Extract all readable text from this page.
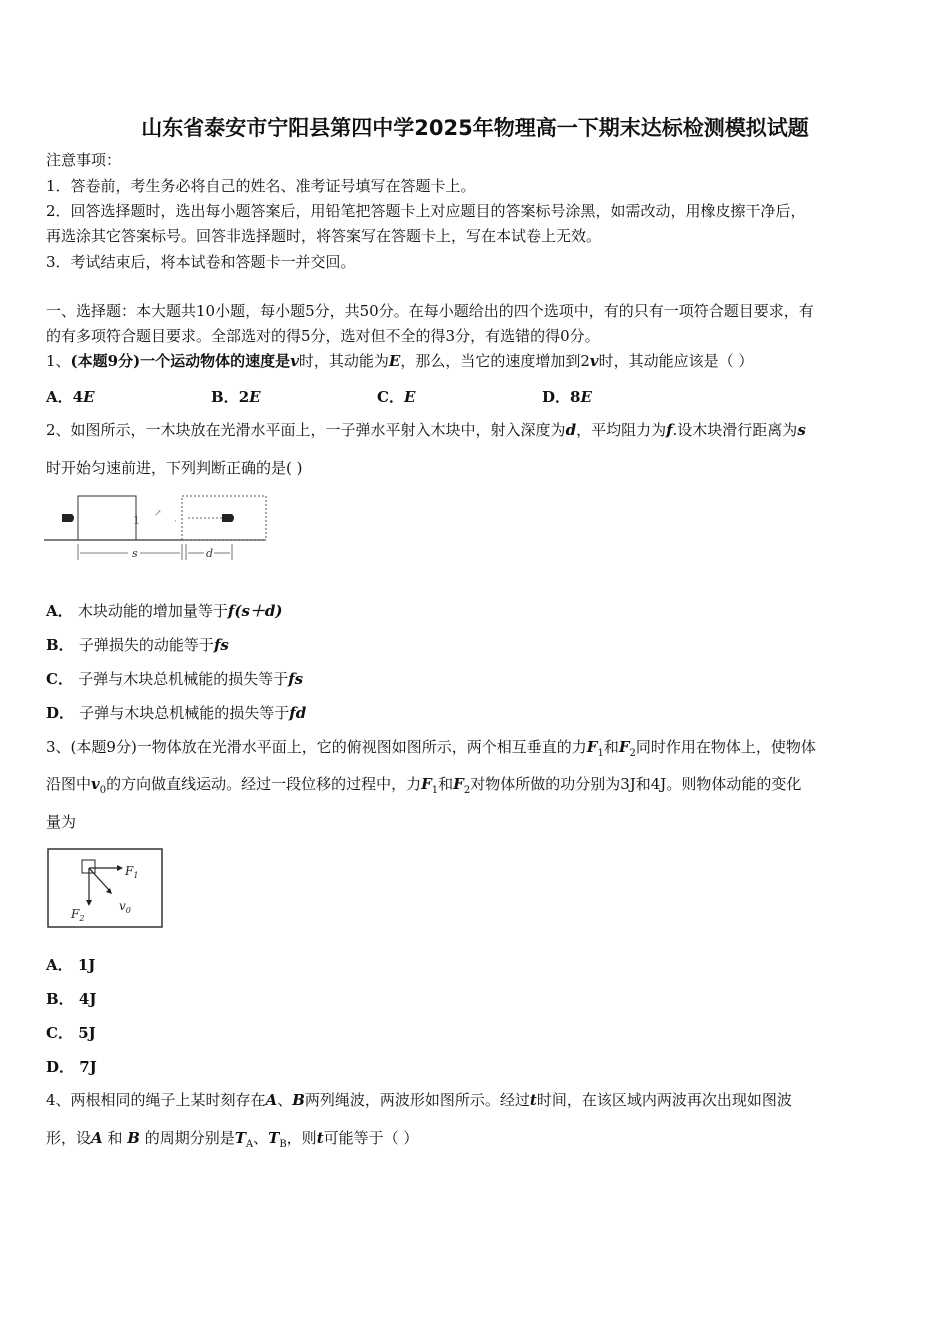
山东省泰安市宁阳县第四中学2025年物理高一下期末达标检测模拟试题
注意事项：
1．答卷前，考生务必将自己的姓名、准考证号填写在答题卡上。
2．回答选择题时，选出每小题答案后，用铅笔把答题卡上对应题目的答案标号涂黑，如需改动，用橡皮擦干净后，
再选涂其它答案标号。回答非选择题时，将答案写在答题卡上，写在本试卷上无效。
3．考试结束后，将本试卷和答题卡一并交回。
一、选择题：本大题共10小题，每小题5分，共50分。在每小题给出的四个选项中，有的只有一项符合题目要求，有
的有多项符合题目要求。全部选对的得5分，选对但不全的得3分，有选错的得0分。
1、(本题9分)一个运动物体的速度是v时，其动能为E，那么，当它的速度增加到2v时，其动能应该是（ ）
A．4E	B．2E	C．E	D．8E
2、如图所示，一木块放在光滑水平面上，一子弹水平射入木块中，射入深度为d，平均阻力为f.设木块滑行距离为s
时开始匀速前进，下列判断正确的是( )
1 ↗
·
s	d
A． 木块动能的增加量等于f(s＋d)
B． 子弹损失的动能等于fs
C． 子弹与木块总机械能的损失等于fs
D． 子弹与木块总机械能的损失等于fd
3、(本题9分)一物体放在光滑水平面上，它的俯视图如图所示，两个相互垂直的力$F_1$和$F_2$同时作用在物体上，使物体
沿图中$v_0$的方向做直线运动。经过一段位移的过程中，力$F_1$和$F_2$对物体所做的功分别为3J和4J。则物体动能的变化
量为
$F_1$
$F_2$
$v_0$
A． 1J
B． 4J
C． 5J
D． 7J
4、两根相同的绳子上某时刻存在A、B两列绳波，两波形如图所示。经过t时间，在该区域内两波再次出现如图波
形，设A 和 B 的周期分别是$T_A$、$T_B$，则t可能等于（ ）
